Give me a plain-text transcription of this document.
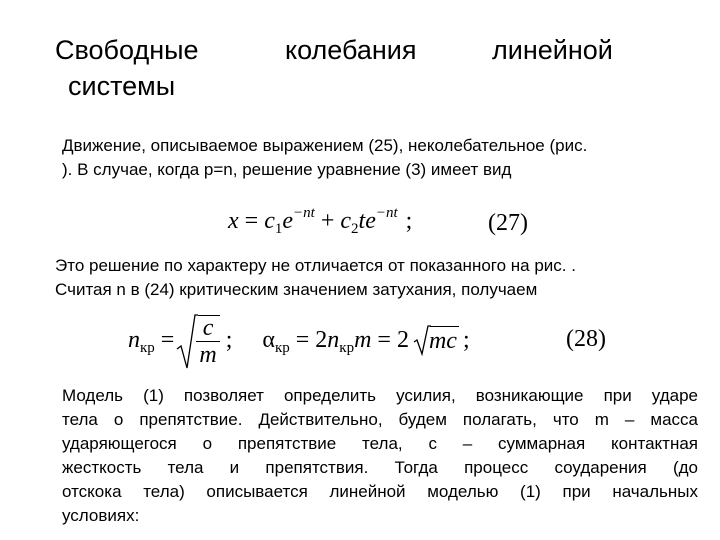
Свободные	колебания	линейной
системы
Движение, описываемое выражением (25), неколебательное (рис.
). В случае, когда p=n, решение уравнение (3) имеет вид
$x = c_1e^{-nt} + c_2te^{-nt}$ ;	(27)
Это решение по характеру не отличается от показанного на рис. .
Считая n в (24) критическим значением затухания, получаем
$n_{кр} = \frac{c}{m}$ ; $\alpha_{кр} = 2n_{кр}m = 2$ mc ;	(28)
Модель (1) позволяет определить усилия, возникающие при ударе
тела о препятствие. Действительно, будем полагать, что m – масса
ударяющегося о препятствие тела, c – суммарная контактная
жесткость тела и препятствия. Тогда процесс соударения (до
отскока тела) описывается линейной моделью (1) при начальных
условиях:
